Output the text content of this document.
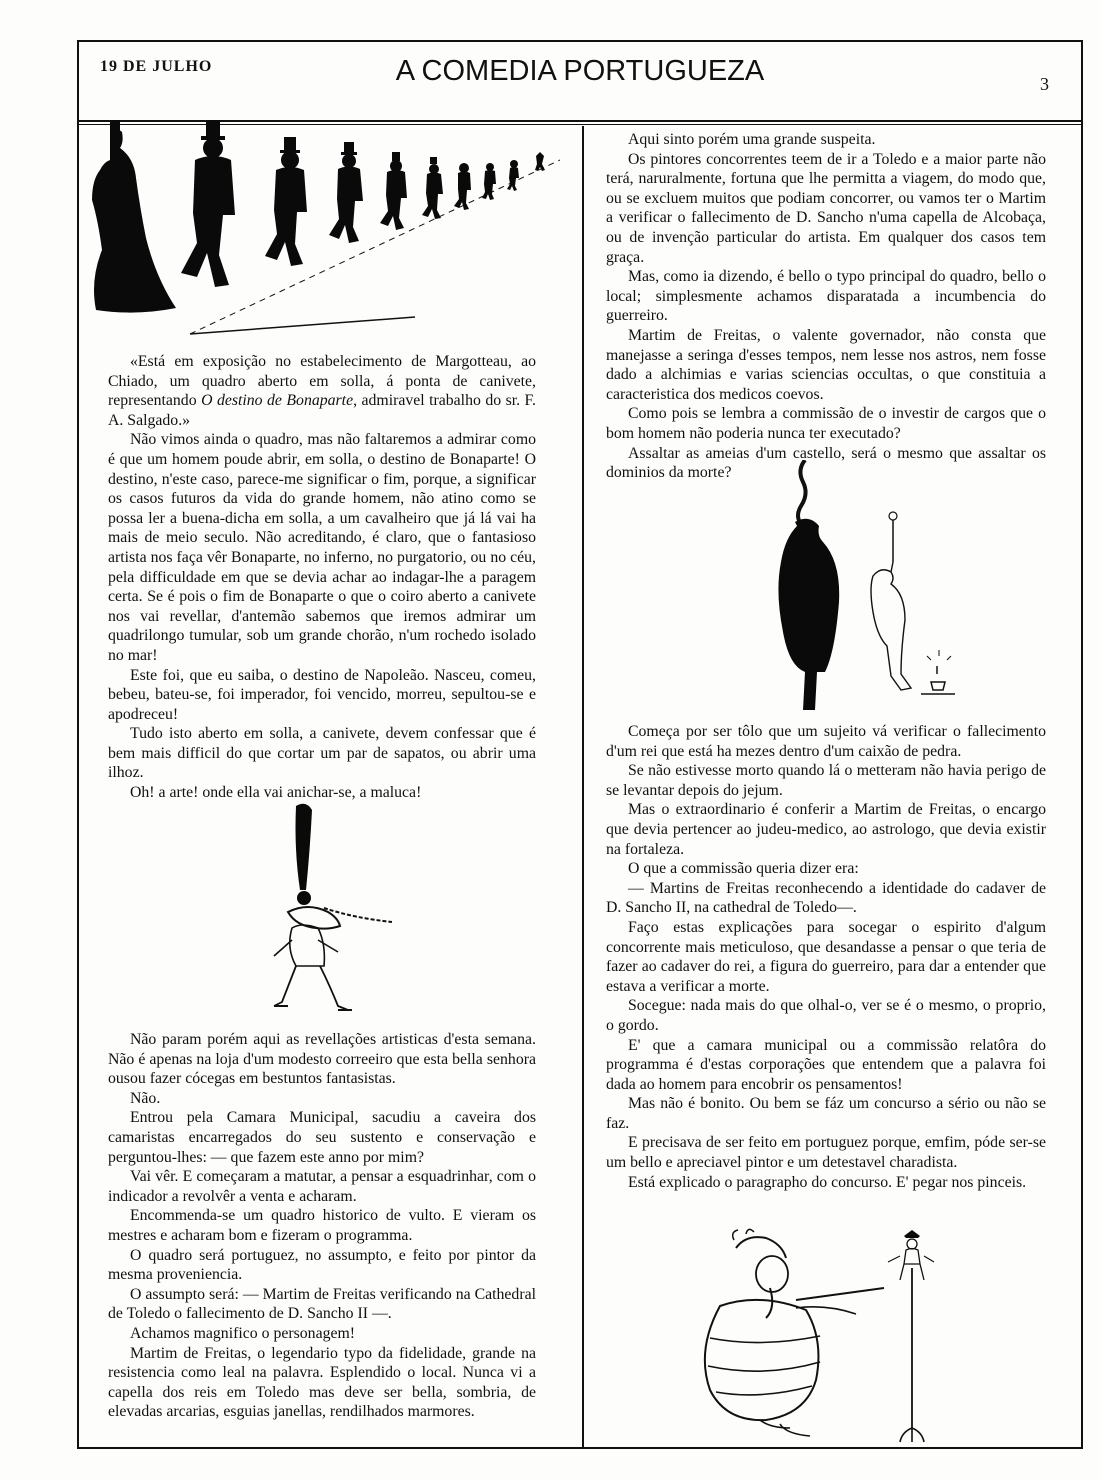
19 DE JULHO	A COMEDIA PORTUGUEZA	3

«Está em exposição no estabelecimento de Margotteau, ao Chiado, um quadro aberto em solla, á ponta de canivete, representando O destino de Bonaparte, admiravel trabalho do sr. F. A. Salgado.»

Não vimos ainda o quadro, mas não faltaremos a admirar como é que um homem poude abrir, em solla, o destino de Bonaparte! O destino, n'este caso, parece-me significar o fim, porque, a significar os casos futuros da vida do grande homem, não atino como se possa ler a buena-dicha em solla, a um cavalheiro que já lá vai ha mais de meio seculo. Não acreditando, é claro, que o fantasioso artista nos faça vêr Bonaparte, no inferno, no purgatorio, ou no céu, pela difficuldade em que se devia achar ao indagar-lhe a paragem certa. Se é pois o fim de Bonaparte o que o coiro aberto a canivete nos vai revellar, d'antemão sabemos que iremos admirar um quadrilongo tumular, sob um grande chorão, n'um rochedo isolado no mar!

Este foi, que eu saiba, o destino de Napoleão. Nasceu, comeu, bebeu, bateu-se, foi imperador, foi vencido, morreu, sepultou-se e apodreceu!

Tudo isto aberto em solla, a canivete, devem confessar que é bem mais difficil do que cortar um par de sapatos, ou abrir uma ilhoz.

Oh! a arte! onde ella vai anichar-se, a maluca!

Não param porém aqui as revellações artisticas d'esta semana. Não é apenas na loja d'um modesto correeiro que esta bella senhora ousou fazer cócegas em bestuntos fantasistas.

Não.

Entrou pela Camara Municipal, sacudiu a caveira dos camaristas encarregados do seu sustento e conservação e perguntou-lhes: — que fazem este anno por mim?

Vai vêr. E começaram a matutar, a pensar a esquadrinhar, com o indicador a revolvêr a venta e acharam.

Encommenda-se um quadro historico de vulto. E vieram os mestres e acharam bom e fizeram o programma.

O quadro será portuguez, no assumpto, e feito por pintor da mesma proveniencia.

O assumpto será: — Martim de Freitas verificando na Cathedral de Toledo o fallecimento de D. Sancho II —.

Achamos magnifico o personagem!

Martim de Freitas, o legendario typo da fidelidade, grande na resistencia como leal na palavra. Esplendido o local. Nunca vi a capella dos reis em Toledo mas deve ser bella, sombria, de elevadas arcarias, esguias janellas, rendilhados marmores.

Aqui sinto porém uma grande suspeita.

Os pintores concorrentes teem de ir a Toledo e a maior parte não terá, naruralmente, fortuna que lhe permitta a viagem, do modo que, ou se excluem muitos que podiam concorrer, ou vamos ter o Martim a verificar o fallecimento de D. Sancho n'uma capella de Alcobaça, ou de invenção particular do artista. Em qualquer dos casos tem graça.

Mas, como ia dizendo, é bello o typo principal do quadro, bello o local; simplesmente achamos disparatada a incumbencia do guerreiro.

Martim de Freitas, o valente governador, não consta que manejasse a seringa d'esses tempos, nem lesse nos astros, nem fosse dado a alchimias e varias sciencias occultas, o que constituia a caracteristica dos medicos coevos.

Como pois se lembra a commissão de o investir de cargos que o bom homem não poderia nunca ter executado?

Assaltar as ameias d'um castello, será o mesmo que assaltar os dominios da morte?

Começa por ser tôlo que um sujeito vá verificar o fallecimento d'um rei que está ha mezes dentro d'um caixão de pedra.

Se não estivesse morto quando lá o metteram não havia perigo de se levantar depois do jejum.

Mas o extraordinario é conferir a Martim de Freitas, o encargo que devia pertencer ao judeu-medico, ao astrologo, que devia existir na fortaleza.

O que a commissão queria dizer era:

— Martins de Freitas reconhecendo a identidade do cadaver de D. Sancho II, na cathedral de Toledo—.

Faço estas explicações para socegar o espirito d'algum concorrente mais meticuloso, que desandasse a pensar o que teria de fazer ao cadaver do rei, a figura do guerreiro, para dar a entender que estava a verificar a morte.

Socegue: nada mais do que olhal-o, ver se é o mesmo, o proprio, o gordo.

E' que a camara municipal ou a commissão relatôra do programma é d'estas corporações que entendem que a palavra foi dada ao homem para encobrir os pensamentos!

Mas não é bonito. Ou bem se fáz um concurso a sério ou não se faz.

E precisava de ser feito em portuguez porque, emfim, póde ser-se um bello e apreciavel pintor e um detestavel charadista.

Está explicado o paragrapho do concurso. E' pegar nos pinceis.
